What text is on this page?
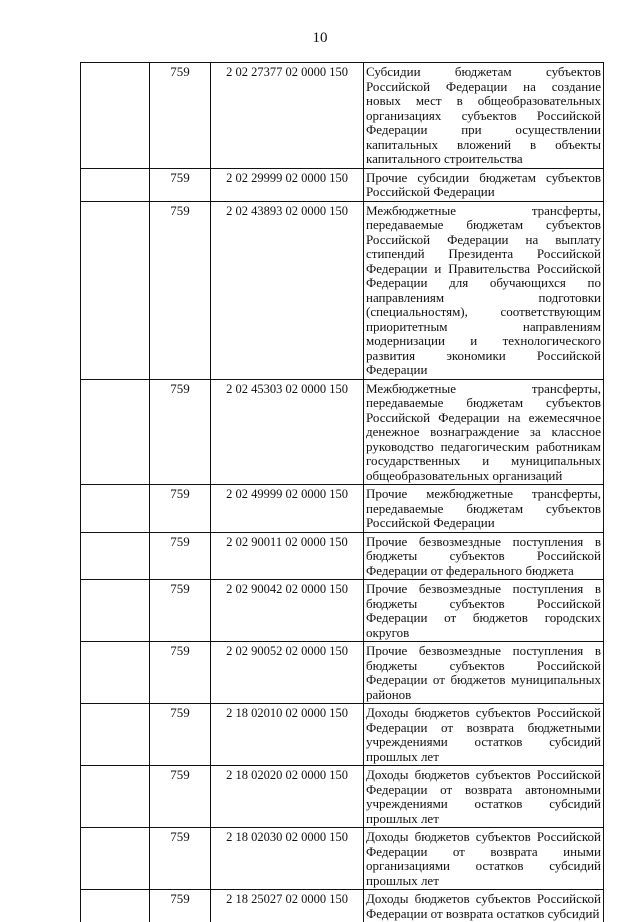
10
	759	2 02 27377 02 0000 150	Субсидии бюджетам субъектов Российской Федерации на создание новых мест в общеобразовательных организациях субъектов Российской Федерации при осуществлении капитальных вложений в объекты капитального строительства
	759	2 02 29999 02 0000 150	Прочие субсидии бюджетам субъектов Российской Федерации
	759	2 02 43893 02 0000 150	Межбюджетные трансферты, передаваемые бюджетам субъектов Российской Федерации на выплату стипендий Президента Российской Федерации и Правительства Российской Федерации для обучающихся по направлениям подготовки (специальностям), соответствующим приоритетным направлениям модернизации и технологического развития экономики Российской Федерации
	759	2 02 45303 02 0000 150	Межбюджетные трансферты, передаваемые бюджетам субъектов Российской Федерации на ежемесячное денежное вознаграждение за классное руководство педагогическим работникам государственных и муниципальных общеобразовательных организаций
	759	2 02 49999 02 0000 150	Прочие межбюджетные трансферты, передаваемые бюджетам субъектов Российской Федерации
	759	2 02 90011 02 0000 150	Прочие безвозмездные поступления в бюджеты субъектов Российской Федерации от федерального бюджета
	759	2 02 90042 02 0000 150	Прочие безвозмездные поступления в бюджеты субъектов Российской Федерации от бюджетов городских округов
	759	2 02 90052 02 0000 150	Прочие безвозмездные поступления в бюджеты субъектов Российской Федерации от бюджетов муниципальных районов
	759	2 18 02010 02 0000 150	Доходы бюджетов субъектов Российской Федерации от возврата бюджетными учреждениями остатков субсидий прошлых лет
	759	2 18 02020 02 0000 150	Доходы бюджетов субъектов Российской Федерации от возврата автономными учреждениями остатков субсидий прошлых лет
	759	2 18 02030 02 0000 150	Доходы бюджетов субъектов Российской Федерации от возврата иными организациями остатков субсидий прошлых лет
	759	2 18 25027 02 0000 150	Доходы бюджетов субъектов Российской Федерации от возврата остатков субсидий
